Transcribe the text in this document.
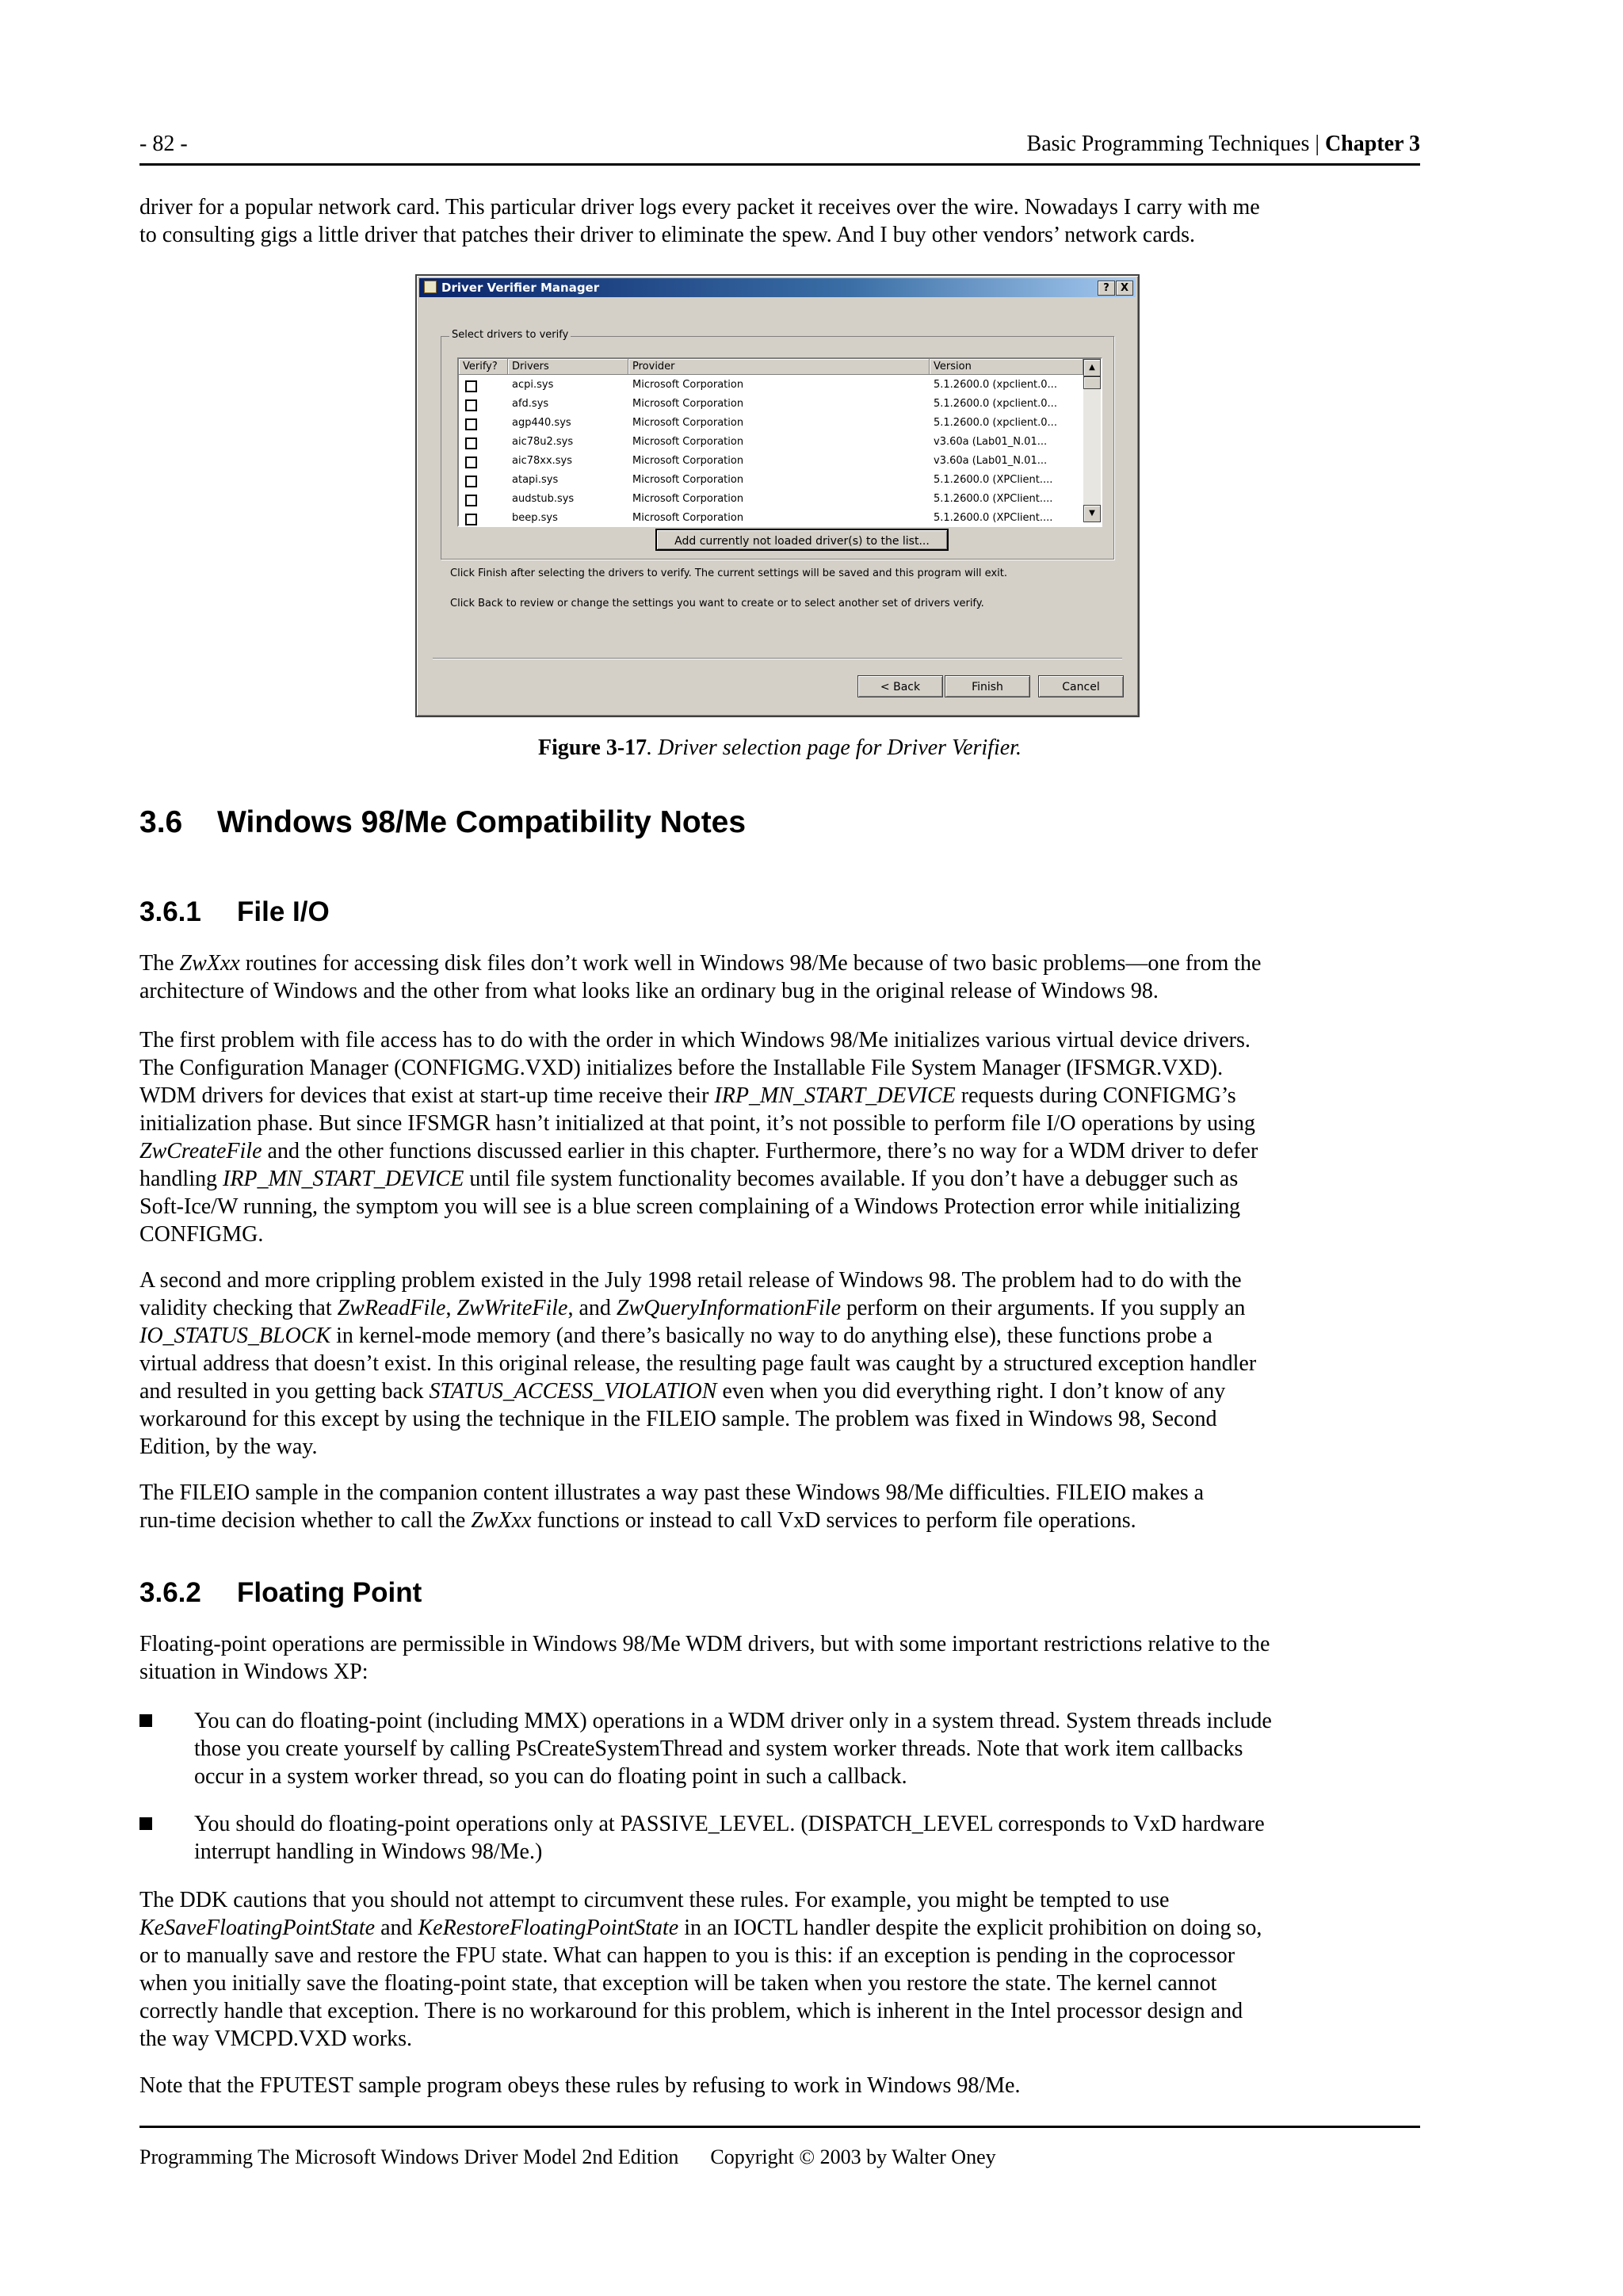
- 82 -	Basic Programming Techniques | Chapter 3

driver for a popular network card. This particular driver logs every packet it receives over the wire. Nowadays I carry with me

to consulting gigs a little driver that patches their driver to eliminate the spew. And I buy other vendors’ network cards.

Driver Verifier Manager	?	X
Select drivers to verify
Verify?	Drivers	Provider	Version
acpi.sys	Microsoft Corporation	5.1.2600.0 (xpclient.0...
afd.sys	Microsoft Corporation	5.1.2600.0 (xpclient.0...
agp440.sys	Microsoft Corporation	5.1.2600.0 (xpclient.0...
aic78u2.sys	Microsoft Corporation	v3.60a (Lab01_N.01...
aic78xx.sys	Microsoft Corporation	v3.60a (Lab01_N.01...
atapi.sys	Microsoft Corporation	5.1.2600.0 (XPClient....
audstub.sys	Microsoft Corporation	5.1.2600.0 (XPClient....
beep.sys	Microsoft Corporation	5.1.2600.0 (XPClient....
▲
▼
Add currently not loaded driver(s) to the list...
Click Finish after selecting the drivers to verify. The current settings will be saved and this program will exit.
Click Back to review or change the settings you want to create or to select another set of drivers verify.
< Back	Finish	Cancel
Figure 3-17. Driver selection page for Driver Verifier.
3.6 Windows 98/Me Compatibility Notes
3.6.1 File I/O

The ZwXxx routines for accessing disk files don’t work well in Windows 98/Me because of two basic problems—one from the

architecture of Windows and the other from what looks like an ordinary bug in the original release of Windows 98.

The first problem with file access has to do with the order in which Windows 98/Me initializes various virtual device drivers.

The Configuration Manager (CONFIGMG.VXD) initializes before the Installable File System Manager (IFSMGR.VXD).

WDM drivers for devices that exist at start-up time receive their IRP_MN_START_DEVICE requests during CONFIGMG’s

initialization phase. But since IFSMGR hasn’t initialized at that point, it’s not possible to perform file I/O operations by using

ZwCreateFile and the other functions discussed earlier in this chapter. Furthermore, there’s no way for a WDM driver to defer

handling IRP_MN_START_DEVICE until file system functionality becomes available. If you don’t have a debugger such as

Soft-Ice/W running, the symptom you will see is a blue screen complaining of a Windows Protection error while initializing

CONFIGMG.

A second and more crippling problem existed in the July 1998 retail release of Windows 98. The problem had to do with the

validity checking that ZwReadFile, ZwWriteFile, and ZwQueryInformationFile perform on their arguments. If you supply an

IO_STATUS_BLOCK in kernel-mode memory (and there’s basically no way to do anything else), these functions probe a

virtual address that doesn’t exist. In this original release, the resulting page fault was caught by a structured exception handler

and resulted in you getting back STATUS_ACCESS_VIOLATION even when you did everything right. I don’t know of any

workaround for this except by using the technique in the FILEIO sample. The problem was fixed in Windows 98, Second

Edition, by the way.

The FILEIO sample in the companion content illustrates a way past these Windows 98/Me difficulties. FILEIO makes a

run-time decision whether to call the ZwXxx functions or instead to call VxD services to perform file operations.

3.6.2 Floating Point

Floating-point operations are permissible in Windows 98/Me WDM drivers, but with some important restrictions relative to the

situation in Windows XP:

You can do floating-point (including MMX) operations in a WDM driver only in a system thread. System threads include

those you create yourself by calling PsCreateSystemThread and system worker threads. Note that work item callbacks

occur in a system worker thread, so you can do floating point in such a callback.

You should do floating-point operations only at PASSIVE_LEVEL. (DISPATCH_LEVEL corresponds to VxD hardware

interrupt handling in Windows 98/Me.)

The DDK cautions that you should not attempt to circumvent these rules. For example, you might be tempted to use

KeSaveFloatingPointState and KeRestoreFloatingPointState in an IOCTL handler despite the explicit prohibition on doing so,

or to manually save and restore the FPU state. What can happen to you is this: if an exception is pending in the coprocessor

when you initially save the floating-point state, that exception will be taken when you restore the state. The kernel cannot

correctly handle that exception. There is no workaround for this problem, which is inherent in the Intel processor design and

the way VMCPD.VXD works.

Note that the FPUTEST sample program obeys these rules by refusing to work in Windows 98/Me.

Programming The Microsoft Windows Driver Model 2nd Edition Copyright © 2003 by Walter Oney
